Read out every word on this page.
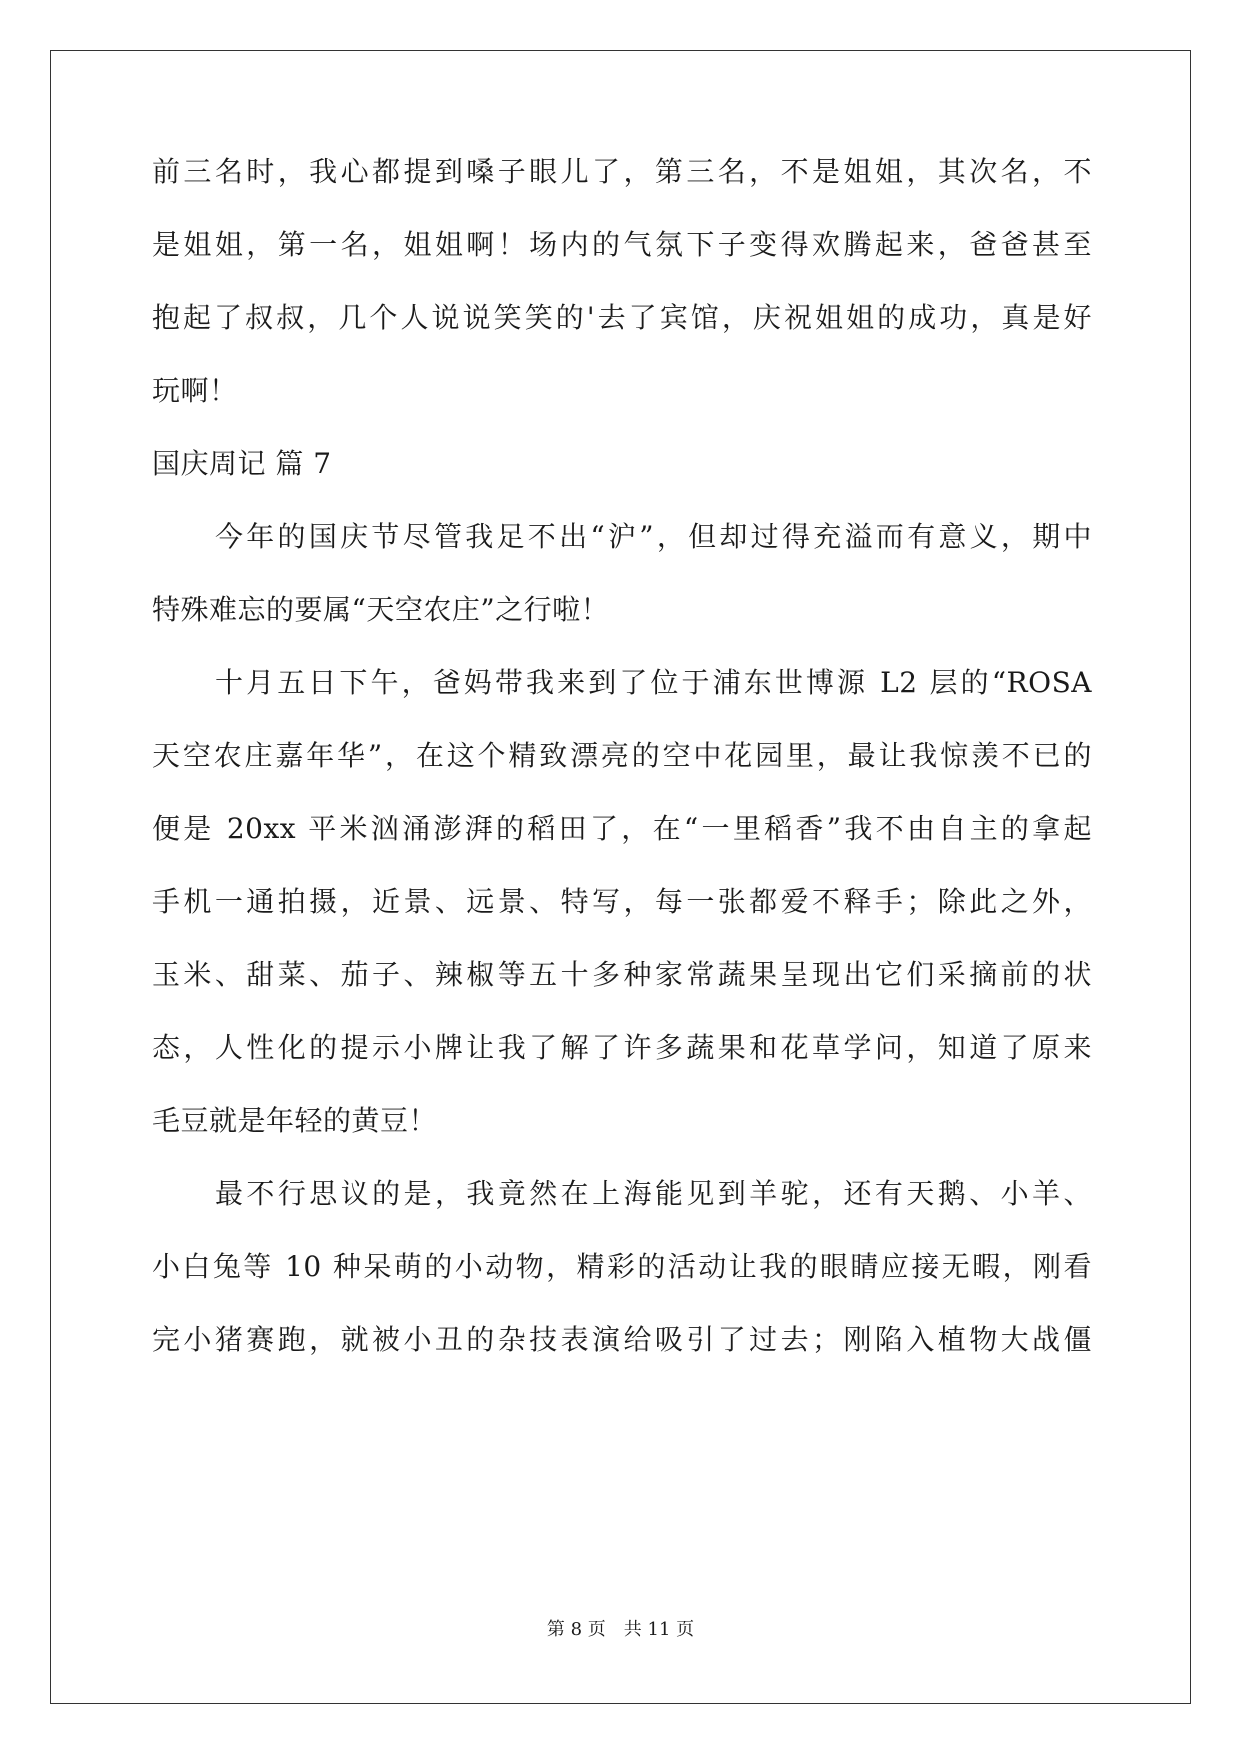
前三名时，我心都提到嗓子眼儿了，第三名，不是姐姐，其次名，不
是姐姐，第一名，姐姐啊！场内的气氛下子变得欢腾起来，爸爸甚至
抱起了叔叔，几个人说说笑笑的'去了宾馆，庆祝姐姐的成功，真是好
玩啊！
国庆周记 篇 7
今年的国庆节尽管我足不出“沪”，但却过得充溢而有意义，期中
特殊难忘的要属“天空农庄”之行啦！
十月五日下午，爸妈带我来到了位于浦东世博源 L2 层的“ROSA
天空农庄嘉年华”，在这个精致漂亮的空中花园里，最让我惊羡不已的
便是 20xx 平米汹涌澎湃的稻田了，在“一里稻香”我不由自主的拿起
手机一通拍摄，近景、远景、特写，每一张都爱不释手；除此之外，
玉米、甜菜、茄子、辣椒等五十多种家常蔬果呈现出它们采摘前的状
态，人性化的提示小牌让我了解了许多蔬果和花草学问，知道了原来
毛豆就是年轻的黄豆！
最不行思议的是，我竟然在上海能见到羊驼，还有天鹅、小羊、
小白兔等 10 种呆萌的小动物，精彩的活动让我的眼睛应接无暇，刚看
完小猪赛跑，就被小丑的杂技表演给吸引了过去；刚陷入植物大战僵
第 8 页 共 11 页
